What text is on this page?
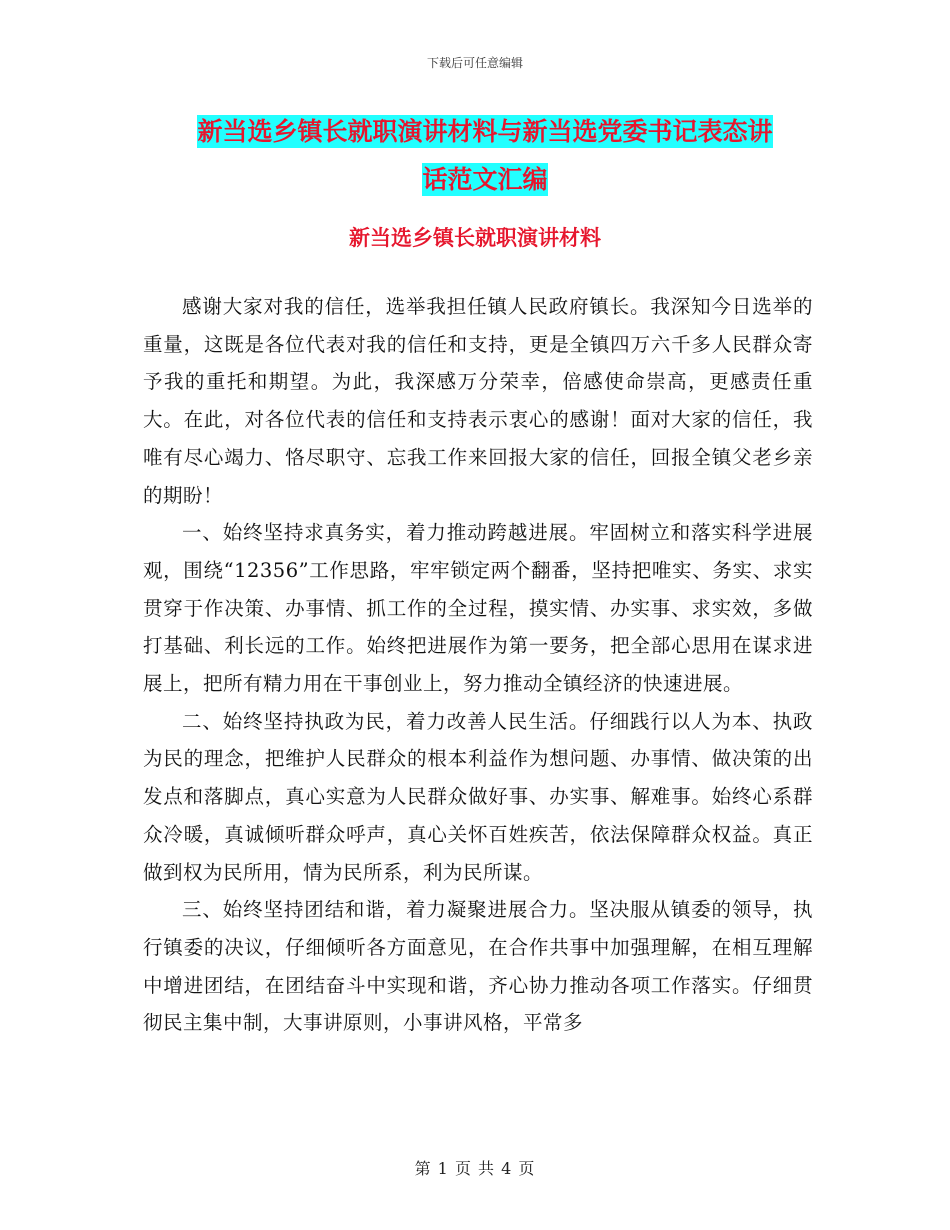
下载后可任意编辑
新当选乡镇长就职演讲材料与新当选党委书记表态讲
话范文汇编
新当选乡镇长就职演讲材料

感谢大家对我的信任，选举我担任镇人民政府镇长。我深知今日选举的重量，这既是各位代表对我的信任和支持，更是全镇四万六千多人民群众寄予我的重托和期望。为此，我深感万分荣幸，倍感使命崇高，更感责任重大。在此，对各位代表的信任和支持表示衷心的感谢！面对大家的信任，我唯有尽心竭力、恪尽职守、忘我工作来回报大家的信任，回报全镇父老乡亲的期盼！

一、始终坚持求真务实，着力推动跨越进展。牢固树立和落实科学进展观，围绕“12356”工作思路，牢牢锁定两个翻番，坚持把唯实、务实、求实贯穿于作决策、办事情、抓工作的全过程，摸实情、办实事、求实效，多做打基础、利长远的工作。始终把进展作为第一要务，把全部心思用在谋求进展上，把所有精力用在干事创业上，努力推动全镇经济的快速进展。

二、始终坚持执政为民，着力改善人民生活。仔细践行以人为本、执政为民的理念，把维护人民群众的根本利益作为想问题、办事情、做决策的出发点和落脚点，真心实意为人民群众做好事、办实事、解难事。始终心系群众冷暖，真诚倾听群众呼声，真心关怀百姓疾苦，依法保障群众权益。真正做到权为民所用，情为民所系，利为民所谋。

三、始终坚持团结和谐，着力凝聚进展合力。坚决服从镇委的领导，执行镇委的决议，仔细倾听各方面意见，在合作共事中加强理解，在相互理解中增进团结，在团结奋斗中实现和谐，齐心协力推动各项工作落实。仔细贯彻民主集中制，大事讲原则，小事讲风格，平常多

第 1 页 共 4 页
